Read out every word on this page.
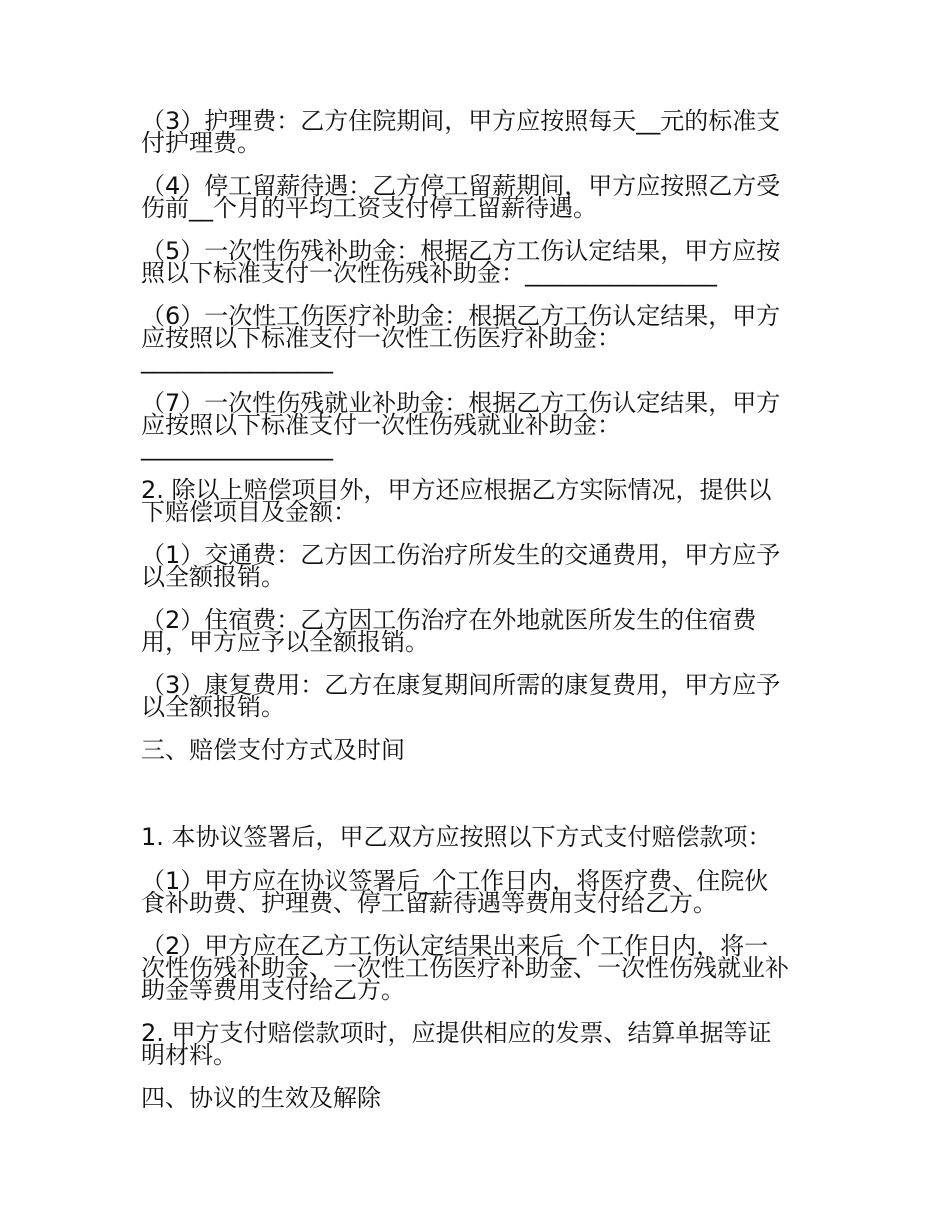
（3）护理费：乙方住院期间，甲方应按照每天__元的标准支
付护理费。
（4）停工留薪待遇：乙方停工留薪期间，甲方应按照乙方受
伤前__个月的平均工资支付停工留薪待遇。
（5）一次性伤残补助金：根据乙方工伤认定结果，甲方应按
照以下标准支付一次性伤残补助金：________________
（6）一次性工伤医疗补助金：根据乙方工伤认定结果，甲方
应按照以下标准支付一次性工伤医疗补助金：
________________
（7）一次性伤残就业补助金：根据乙方工伤认定结果，甲方
应按照以下标准支付一次性伤残就业补助金：
________________
2. 除以上赔偿项目外，甲方还应根据乙方实际情况，提供以
下赔偿项目及金额：
（1）交通费：乙方因工伤治疗所发生的交通费用，甲方应予
以全额报销。
（2）住宿费：乙方因工伤治疗在外地就医所发生的住宿费
用，甲方应予以全额报销。
（3）康复费用：乙方在康复期间所需的康复费用，甲方应予
以全额报销。
三、赔偿支付方式及时间
1. 本协议签署后，甲乙双方应按照以下方式支付赔偿款项：
（1）甲方应在协议签署后_个工作日内，将医疗费、住院伙
食补助费、护理费、停工留薪待遇等费用支付给乙方。
（2）甲方应在乙方工伤认定结果出来后_个工作日内，将一
次性伤残补助金、一次性工伤医疗补助金、一次性伤残就业补
助金等费用支付给乙方。
2. 甲方支付赔偿款项时，应提供相应的发票、结算单据等证
明材料。
四、协议的生效及解除
